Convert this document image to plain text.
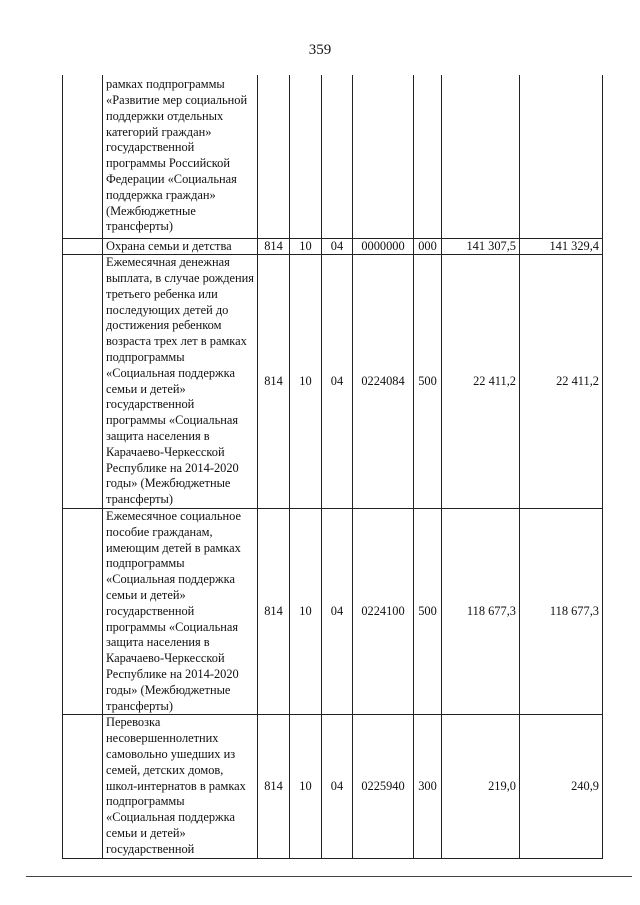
359
	рамках подпрограммы «Развитие мер социальной поддержки отдельных категорий граждан» государственной программы Российской Федерации «Социальная поддержка граждан» (Межбюджетные трансферты)							
	Охрана семьи и детства	814	10	04	0000000	000	141 307,5	141 329,4
	Ежемесячная денежная выплата, в случае рождения третьего ребенка или последующих детей до достижения ребенком возраста трех лет в рамках подпрограммы «Социальная поддержка семьи и детей» государственной программы «Социальная защита населения в Карачаево-Черкесской Республике на 2014-2020 годы» (Межбюджетные трансферты)	814	10	04	0224084	500	22 411,2	22 411,2
	Ежемесячное социальное пособие гражданам, имеющим детей в рамках подпрограммы «Социальная поддержка семьи и детей» государственной программы «Социальная защита населения в Карачаево-Черкесской Республике на 2014-2020 годы» (Межбюджетные трансферты)	814	10	04	0224100	500	118 677,3	118 677,3
	Перевозка несовершеннолетних самовольно ушедших из семей, детских домов, школ-интернатов в рамках подпрограммы «Социальная поддержка семьи и детей» государственной	814	10	04	0225940	300	219,0	240,9
